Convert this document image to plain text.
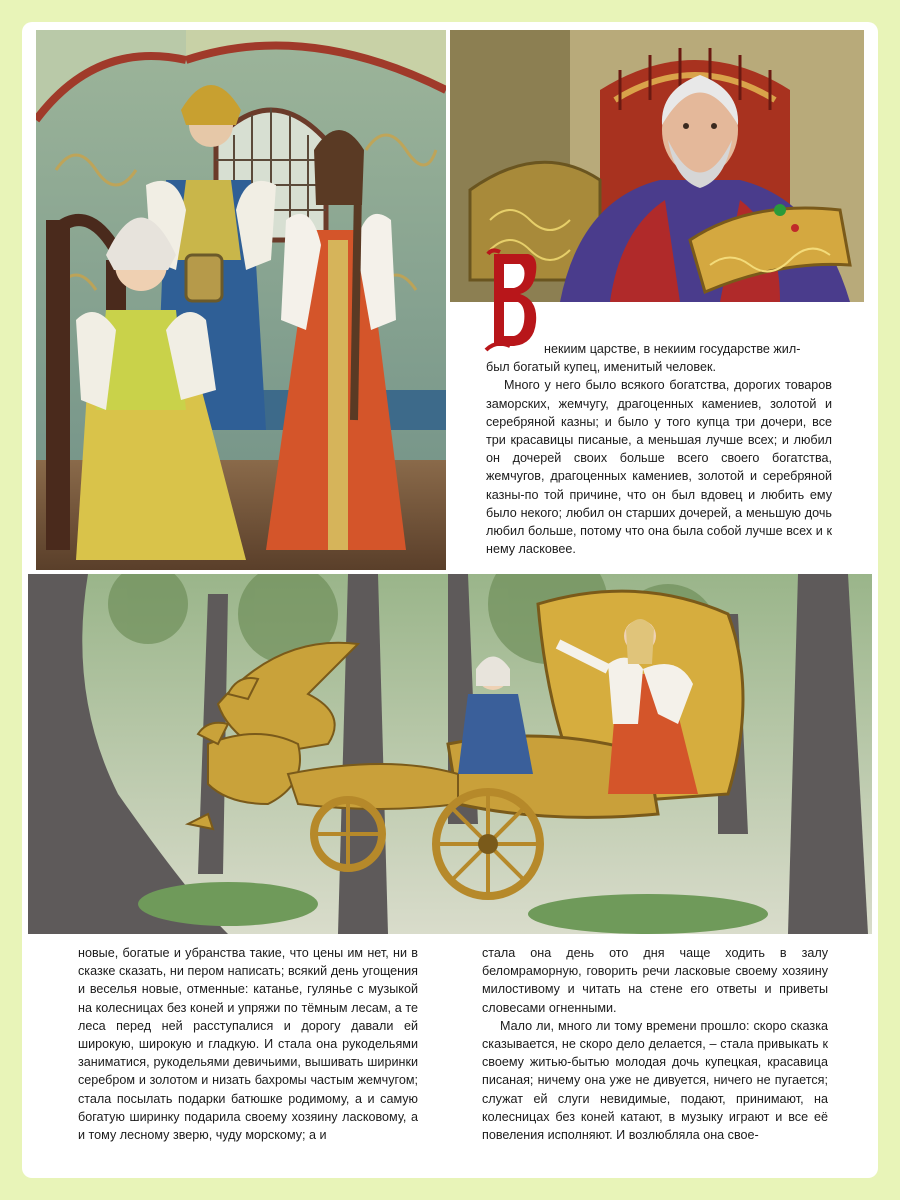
некиим царстве, в некиим государстве жил-

был богатый купец, именитый человек.

Много у него было всякого богатства, дорогих товаров заморских, жемчугу, драгоценных камениев, золотой и серебряной казны; и было у того купца три дочери, все три красавицы писаные, а меньшая лучше всех; и любил он дочерей своих больше всего своего богатства, жемчугов, драгоценных камениев, золотой и серебряной казны-по той причине, что он был вдовец и любить ему было некого; любил он старших дочерей, а меньшую дочь любил больше, потому что она была собой лучше всех и к нему ласковее.

новые, богатые и убранства такие, что цены им нет, ни в сказке сказать, ни пером написать; всякий день угощения и веселья новые, отменные: катанье, гулянье с музыкой на колесницах без коней и упряжи по тёмным лесам, а те леса перед ней расступалися и дорогу давали ей широкую, широкую и гладкую. И стала она рукодельями заниматися, рукодельями девичьими, вышивать ширинки серебром и золотом и низать бахромы частым жемчугом; стала посылать подарки батюшке родимому, а и самую богатую ширинку подарила своему хозяину ласковому, а и тому лесному зверю, чуду морскому; а и

стала она день ото дня чаще ходить в залу беломраморную, говорить речи ласковые своему хозяину милостивому и читать на стене его ответы и приветы словесами огненными.

Мало ли, много ли тому времени прошло: скоро сказка сказывается, не скоро дело делается, – стала привыкать к своему житью-бытью молодая дочь купецкая, красавица писаная; ничему она уже не дивуется, ничего не пугается; служат ей слуги невидимые, подают, принимают, на колесницах без коней катают, в музыку играют и все её повеления исполняют. И возлюбляла она свое-
